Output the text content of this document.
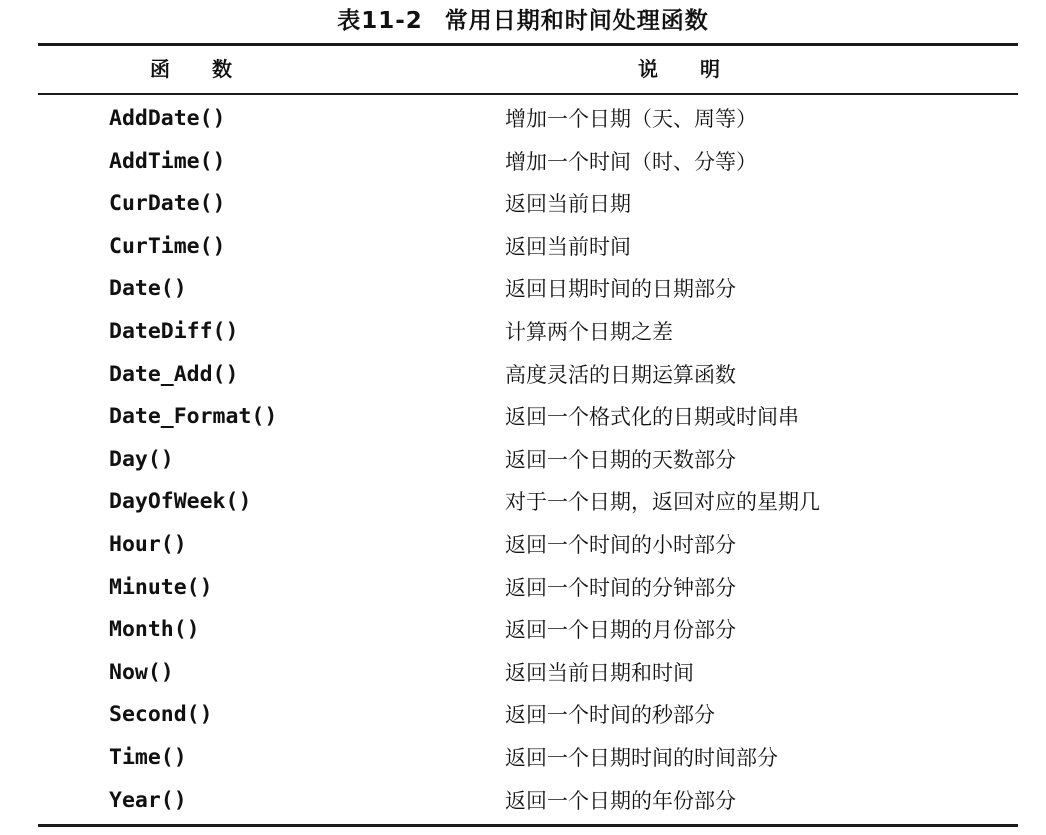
表11-2 常用日期和时间处理函数
函数	说明
AddDate()	增加一个日期（天、周等）
AddTime()	增加一个时间（时、分等）
CurDate()	返回当前日期
CurTime()	返回当前时间
Date()	返回日期时间的日期部分
DateDiff()	计算两个日期之差
Date_Add()	高度灵活的日期运算函数
Date_Format()	返回一个格式化的日期或时间串
Day()	返回一个日期的天数部分
DayOfWeek()	对于一个日期，返回对应的星期几
Hour()	返回一个时间的小时部分
Minute()	返回一个时间的分钟部分
Month()	返回一个日期的月份部分
Now()	返回当前日期和时间
Second()	返回一个时间的秒部分
Time()	返回一个日期时间的时间部分
Year()	返回一个日期的年份部分
